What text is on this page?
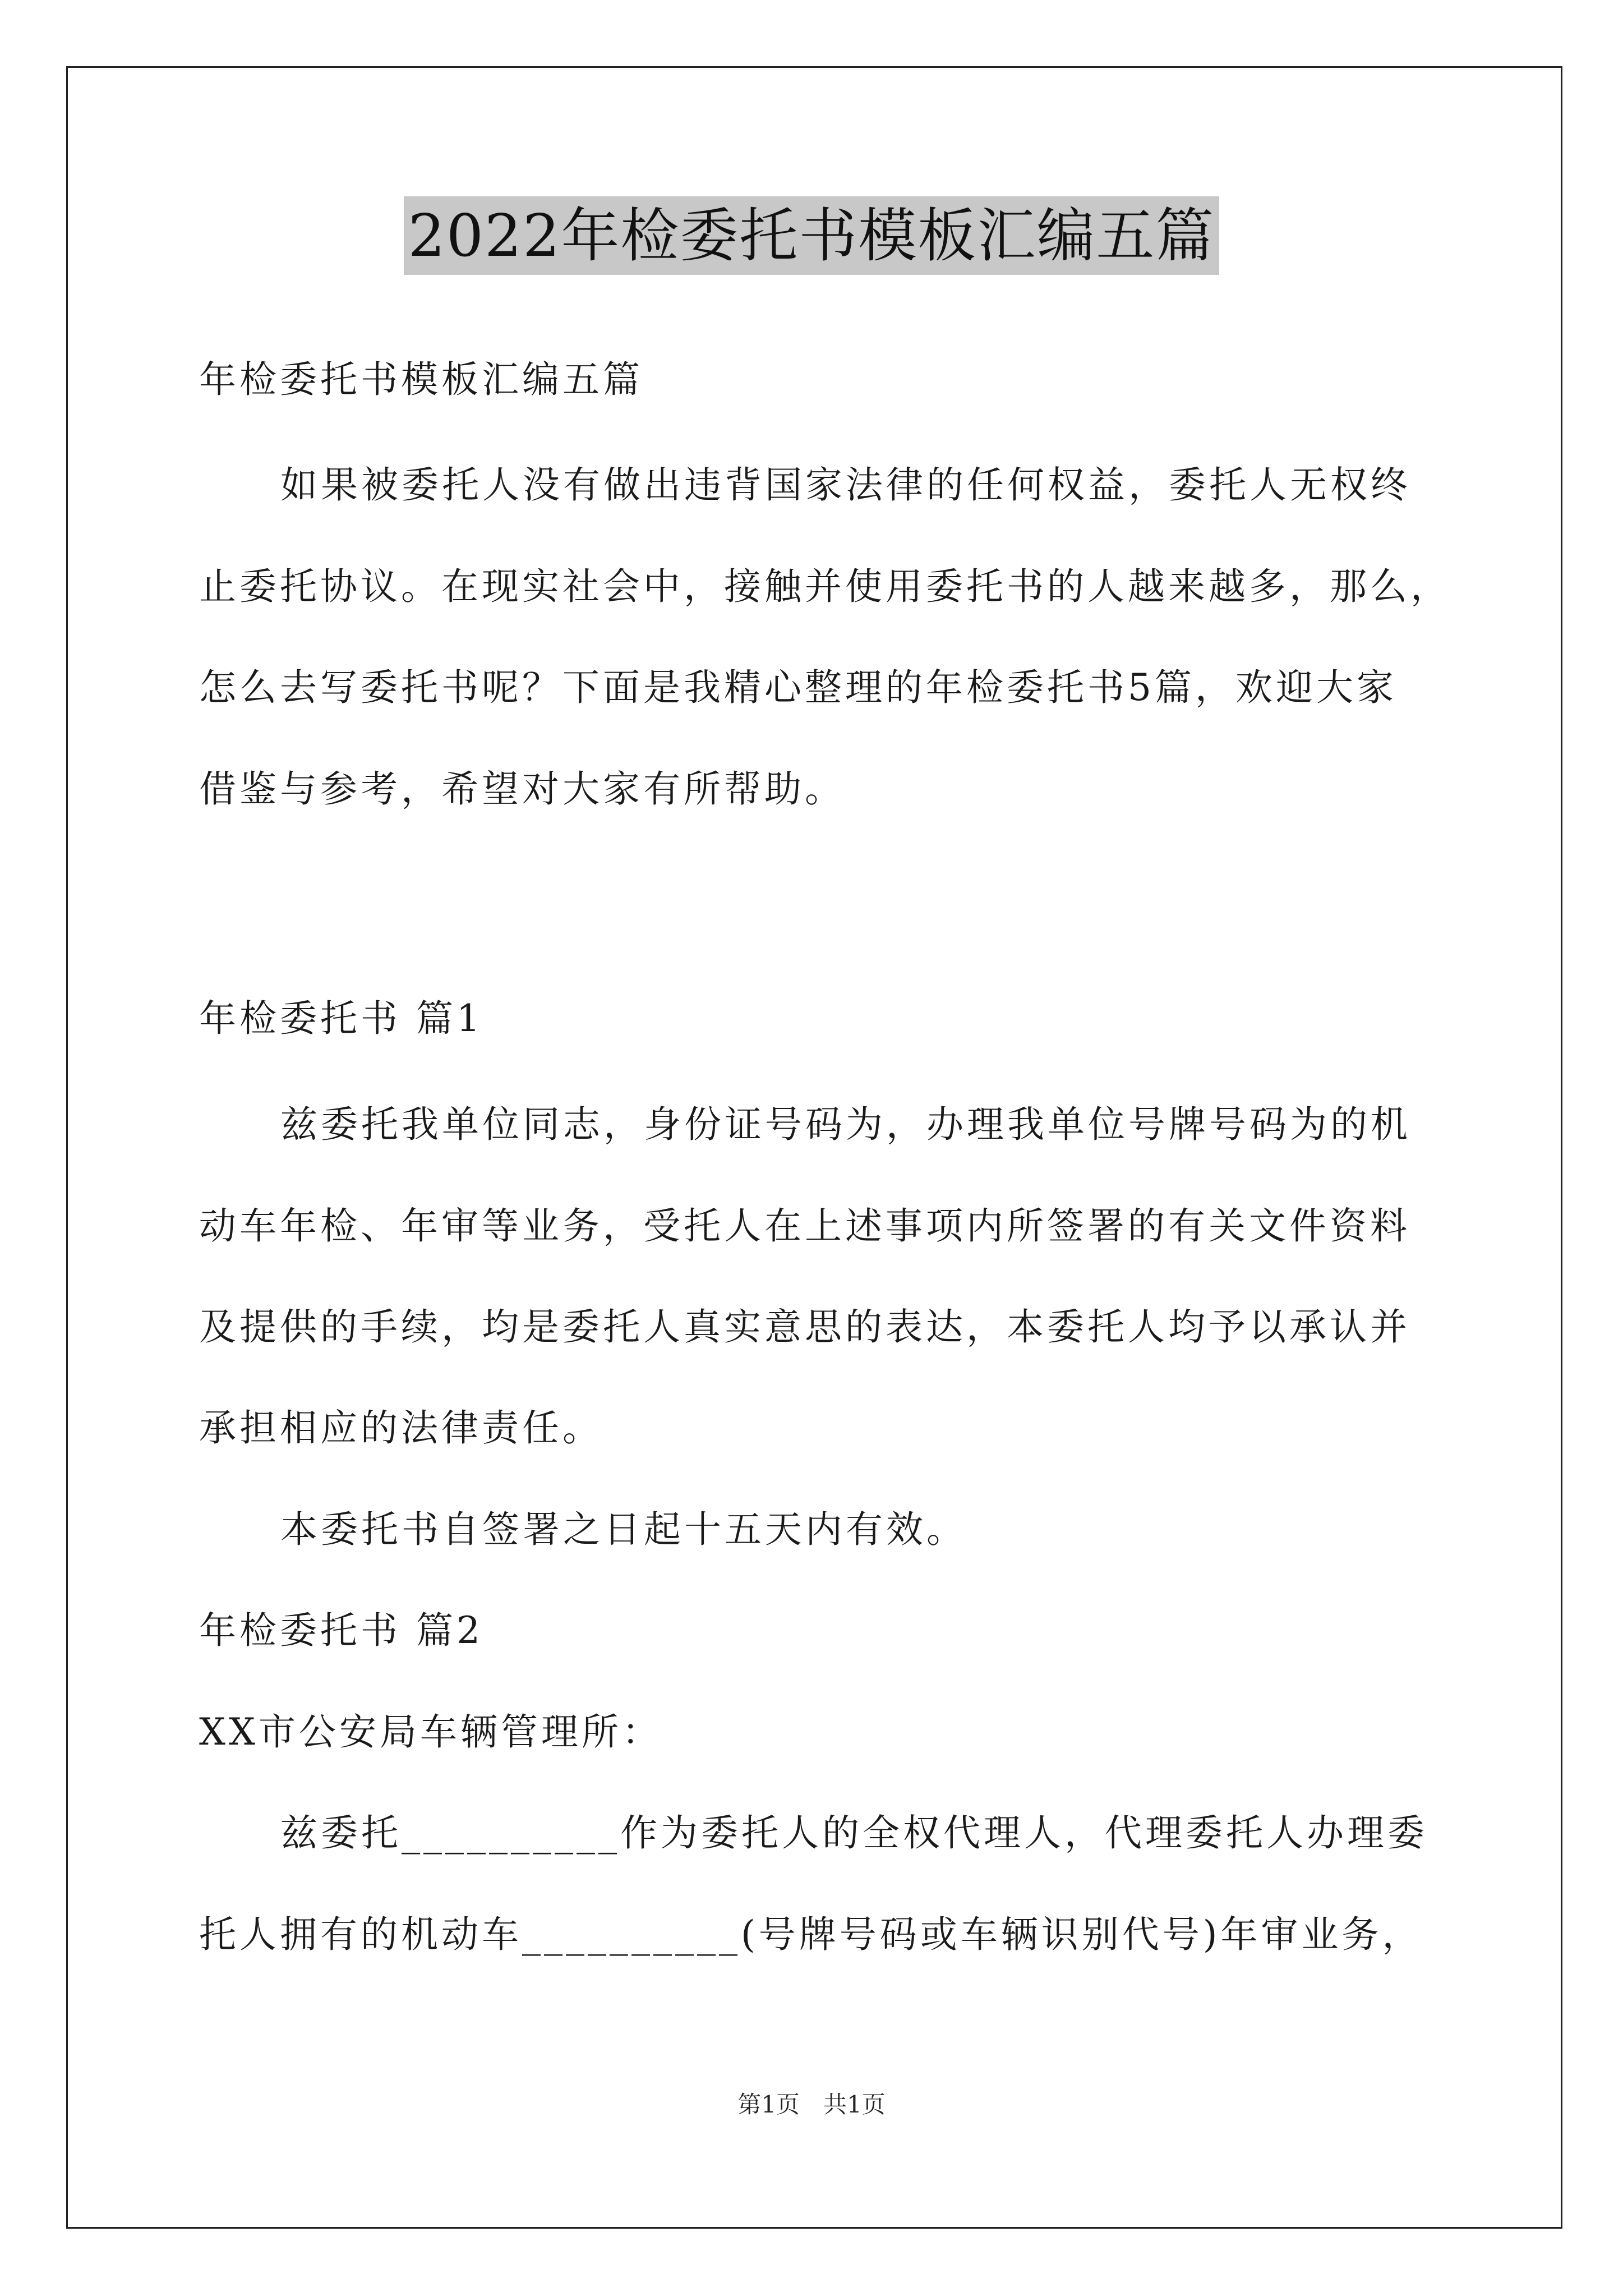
2022年检委托书模板汇编五篇
年检委托书模板汇编五篇
如果被委托人没有做出违背国家法律的任何权益，委托人无权终
止委托协议。在现实社会中，接触并使用委托书的人越来越多，那么，
怎么去写委托书呢？下面是我精心整理的年检委托书5篇，欢迎大家
借鉴与参考，希望对大家有所帮助。
年检委托书 篇1
兹委托我单位同志，身份证号码为，办理我单位号牌号码为的机
动车年检、年审等业务，受托人在上述事项内所签署的有关文件资料
及提供的手续，均是委托人真实意思的表达，本委托人均予以承认并
承担相应的法律责任。
本委托书自签署之日起十五天内有效。
年检委托书 篇2
XX市公安局车辆管理所：
兹委托__________作为委托人的全权代理人，代理委托人办理委
托人拥有的机动车__________(号牌号码或车辆识别代号)年审业务，
第1页　共1页
